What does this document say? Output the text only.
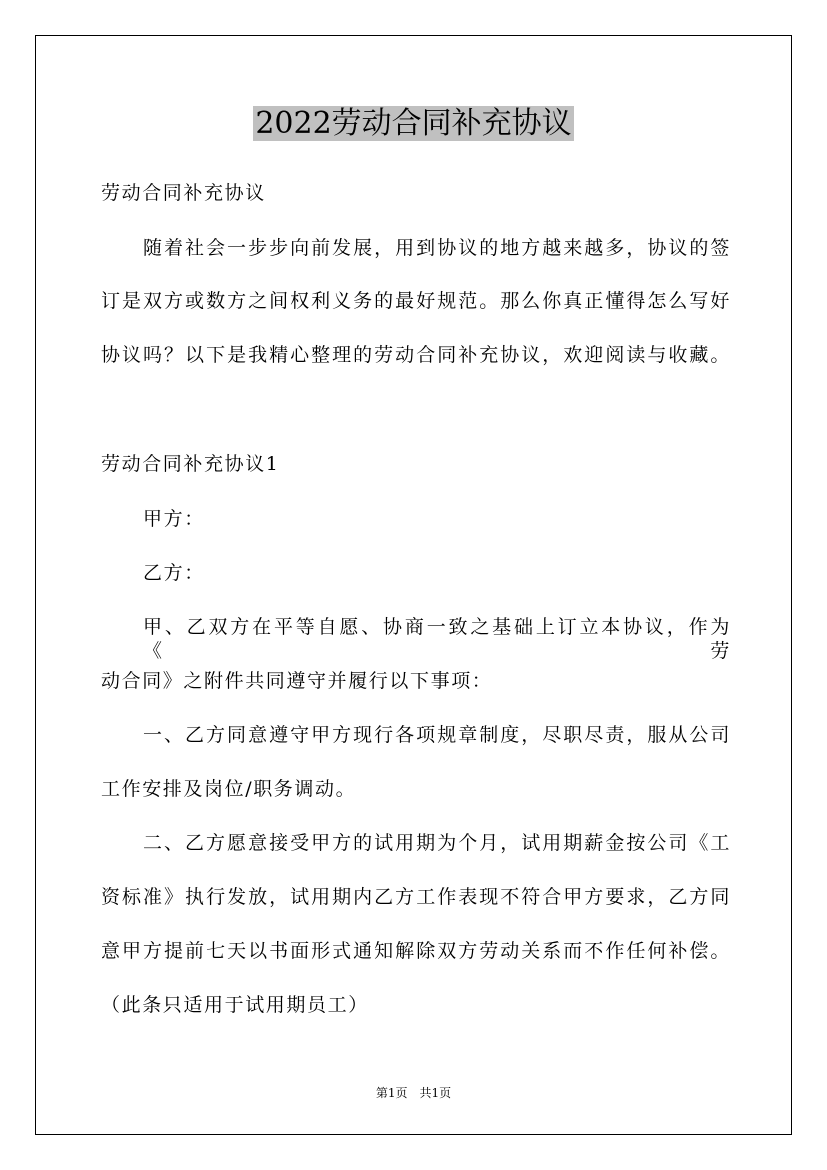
2022劳动合同补充协议
劳动合同补充协议
随着社会一步步向前发展，用到协议的地方越来越多，协议的签
订是双方或数方之间权利义务的最好规范。那么你真正懂得怎么写好
协议吗？以下是我精心整理的劳动合同补充协议，欢迎阅读与收藏。
劳动合同补充协议1
甲方：
乙方：
甲、乙双方在平等自愿、协商一致之基础上订立本协议，作为《劳
动合同》之附件共同遵守并履行以下事项：
一、乙方同意遵守甲方现行各项规章制度，尽职尽责，服从公司
工作安排及岗位/职务调动。
二、乙方愿意接受甲方的试用期为个月，试用期薪金按公司《工
资标准》执行发放，试用期内乙方工作表现不符合甲方要求，乙方同
意甲方提前七天以书面形式通知解除双方劳动关系而不作任何补偿。
（此条只适用于试用期员工）
第1页　共1页
